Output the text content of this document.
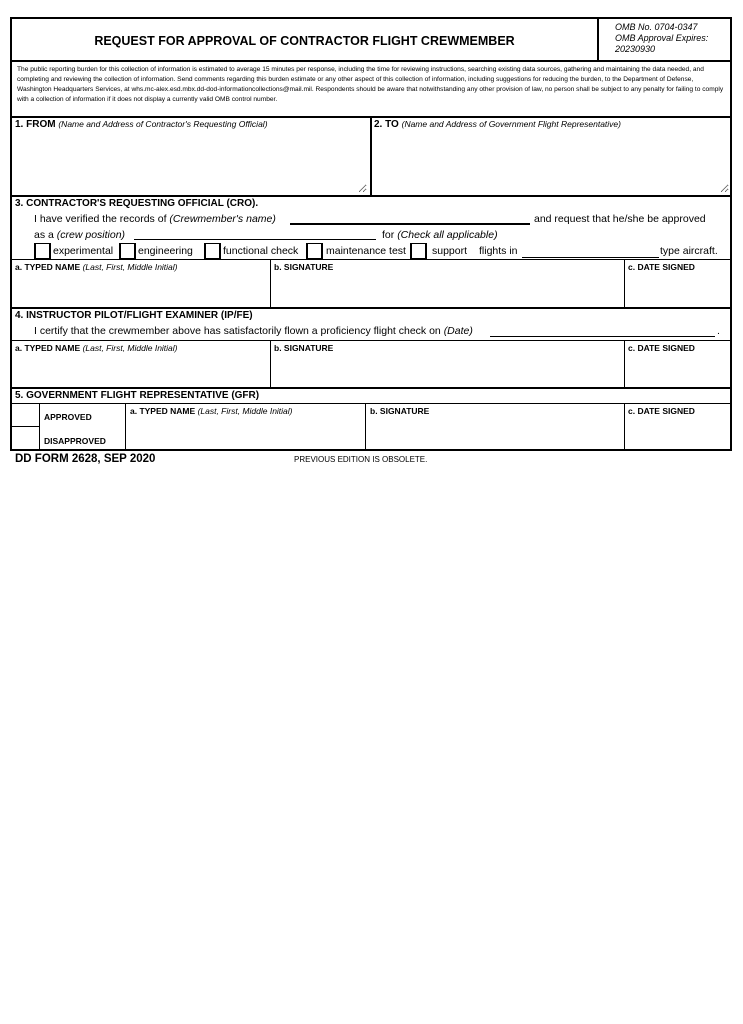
REQUEST FOR APPROVAL OF CONTRACTOR FLIGHT CREWMEMBER
OMB No. 0704-0347
OMB Approval Expires:
20230930
The public reporting burden for this collection of information is estimated to average 15 minutes per response, including the time for reviewing instructions, searching existing data sources, gathering and maintaining the data needed, and completing and reviewing the collection of information. Send comments regarding this burden estimate or any other aspect of this collection of information, including suggestions for reducing the burden, to the Department of Defense, Washington Headquarters Services, at whs.mc-alex.esd.mbx.dd-dod-informationcollections@mail.mil. Respondents should be aware that notwithstanding any other provision of law, no person shall be subject to any penalty for failing to comply with a collection of information if it does not display a currently valid OMB control number.
1. FROM (Name and Address of Contractor's Requesting Official)	2. TO (Name and Address of Government Flight Representative)
3. CONTRACTOR'S REQUESTING OFFICIAL (CRO).
I have verified the records of (Crewmember's name)	and request that he/she be approved
as a (crew position)	for (Check all applicable)
experimental engineering	functional check	maintenance test support flights in	type aircraft.
a. TYPED NAME (Last, First, Middle Initial)	b. SIGNATURE	c. DATE SIGNED
4. INSTRUCTOR PILOT/FLIGHT EXAMINER (IP/FE)
I certify that the crewmember above has satisfactorily flown a proficiency flight check on (Date)	.
a. TYPED NAME (Last, First, Middle Initial)	b. SIGNATURE	c. DATE SIGNED
5. GOVERNMENT FLIGHT REPRESENTATIVE (GFR)
APPROVED
DISAPPROVED
a. TYPED NAME (Last, First, Middle Initial)	b. SIGNATURE	c. DATE SIGNED
DD FORM 2628, SEP 2020	PREVIOUS EDITION IS OBSOLETE.
